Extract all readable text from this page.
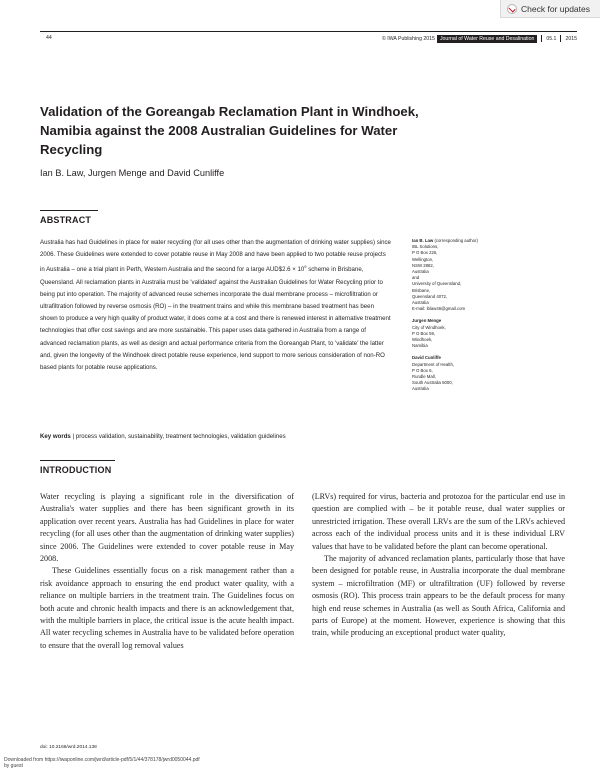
Check for updates
44	© IWA Publishing 2015 Journal of Water Reuse and Desalination	05.1 2015
Validation of the Goreangab Reclamation Plant in Windhoek, Namibia against the 2008 Australian Guidelines for Water Recycling
Ian B. Law, Jurgen Menge and David Cunliffe
ABSTRACT
Australia has had Guidelines in place for water recycling (for all uses other than the augmentation of drinking water supplies) since 2006. These Guidelines were extended to cover potable reuse in May 2008 and have been applied to two potable reuse projects in Australia – one a trial plant in Perth, Western Australia and the second for a large AUD$2.6 × $10^9$ scheme in Brisbane, Queensland. All reclamation plants in Australia must be 'validated' against the Australian Guidelines for Water Recycling prior to being put into operation. The majority of advanced reuse schemes incorporate the dual membrane process – microfiltration or ultrafiltration followed by reverse osmosis (RO) – in the treatment trains and while this membrane based treatment has been shown to produce a very high quality of product water, it does come at a cost and there is renewed interest in alternative treatment technologies that offer cost savings and are more sustainable. This paper uses data gathered in Australia from a range of advanced reclamation plants, as well as design and actual performance criteria from the Goreangab Plant, to 'validate' the latter and, given the longevity of the Windhoek direct potable reuse experience, lend support to more serious consideration of non-RO based plants for potable reuse applications.
Key words | process validation, sustainability, treatment technologies, validation guidelines
Ian B. Law (corresponding author)
IBL Solutions,
P O Box 226,
Wellington,
NSW 2882,
Australia
and
University of Queensland,
Brisbane,
Queensland 4072,
Australia
E-mail: iblaw46@gmail.com
Jurgen Menge
City of Windhoek,
P O Box 59,
Windhoek,
Namibia
David Cunliffe
Department of Health,
P O Box 6,
Rundle Mall,
South Australia 5000,
Australia
INTRODUCTION

Water recycling is playing a significant role in the diversification of Australia's water supplies and there has been significant growth in its application over recent years. Australia has had Guidelines in place for water recycling (for all uses other than the augmentation of drinking water supplies) since 2006. The Guidelines were extended to cover potable reuse in May 2008.

These Guidelines essentially focus on a risk management rather than a risk avoidance approach to ensuring the end product water quality, with a reliance on multiple barriers in the treatment train. The Guidelines focus on both acute and chronic health impacts and there is an acknowledgement that, with the multiple barriers in place, the critical issue is the acute health impact. All water recycling schemes in Australia have to be validated before operation to ensure that the overall log removal values

(LRVs) required for virus, bacteria and protozoa for the particular end use in question are complied with – be it potable reuse, dual water supplies or unrestricted irrigation. These overall LRVs are the sum of the LRVs achieved across each of the individual process units and it is these individual LRV values that have to be validated before the plant can become operational.

The majority of advanced reclamation plants, particularly those that have been designed for potable reuse, in Australia incorporate the dual membrane system – microfiltration (MF) or ultrafiltration (UF) followed by reverse osmosis (RO). This process train appears to be the default process for many high end reuse schemes in Australia (as well as South Africa, California and parts of Europe) at the moment. However, experience is showing that this train, while producing an exceptional product water quality,

doi: 10.2166/wrd.2014.138
Downloaded from https://iwaponline.com/jwrd/article-pdf/5/1/44/378178/jwrd0050044.pdf
by guest
